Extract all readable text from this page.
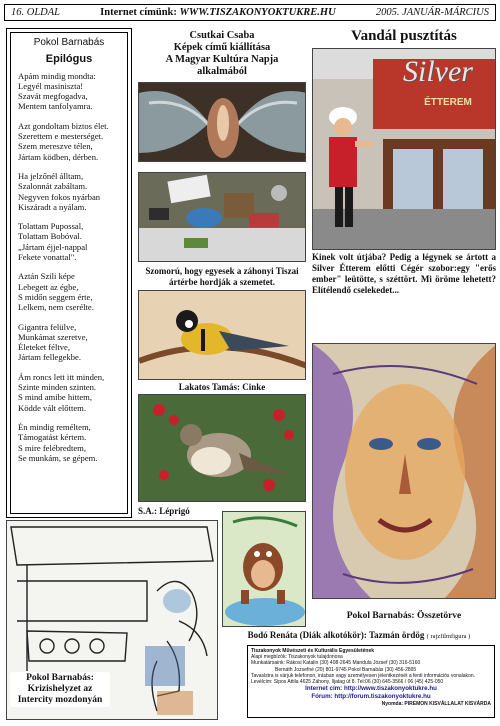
16. OLDAL	Internet címünk: WWW.TISZAKONYOKTUKRE.HU	2005. JANUÁR-MÁRCIUS
Pokol Barnabás
Epilógus
Apám mindig mondta:
Legyél masiniszta!
Szavát megfogadva,
Mentem tanfolyamra.
Azt gondoltam biztos élet.
Szerettem e mesterséget.
Szem mereszve télen,
Jártam ködben, dérben.
Ha jelzőnél álltam,
Szalonnát zabáltam.
Negyven fokos nyárban
Kiszáradt a nyálam.
Tolattam Pupossal,
Tolattam Bobóval.
„Jártam éjjel-nappal
Fekete vonattal".
Aztán Szili képe
Lebegett az égbe,
S midőn seggem érte,
Lelkem, nem cserélte.
Gigantra felülve,
Munkámat szeretve,
Életeket féltve,
Jártam fellegekbe.
Ám roncs lett itt minden,
Szinte minden szinten.
S mind amibe hittem,
Ködde vált előttem.
Én mindig reméltem,
Támogatást kértem.
S mire felébredtem,
Se munkám, se gépem.
Csutkai Csaba
Képek című kiállítása
A Magyar Kultúra Napja
alkalmából
Szomorú, hogy egyesek a záhonyi Tiszai ártérbe hordják a szemetet.
Lakatos Tamás: Cinke
S.A.: Léprigó
Vandál pusztítás
Silver
ÉTTEREM
Kinek volt útjába? Pedig a légynek se ártott a Silver Étterem előtti Cégér szobor:egy "erős ember" leütötte, s széttört. Mi öröme lehetett? Elítélendő cselekedet...
Pokol Barnabás: Összetörve
Bodó Renáta (Diák alkotókör): Tazmán ördög ( rajzfilmfigura )
Pokol Barnabás: Krizishelyzet az Intercity mozdonyán
Tiszakonyok Művészeti és Kulturális Egyesületének
Alapí megbízók: Tiszakonyok tulajdonosa
Munkatársaink: Rákosi Katalin (30) 408-2645 Mandula József (30) 316-5160
Bernáth Jozsefné (20) 801-9745 Pokol Barnabás (30) 456-2895
Tavaslstra is várjuk telefonon, irásban vagy személyesen jelentkezését a fenti információs vonalakon.
Levélcím: Sipos Attila 4625 Záhony, Iljatag út 8. Tel:06 (30) 645-3566 / 06 (45) 425-050
Internet cím: http://www.tiszakonyoktukre.hu
Fórum: http://forum.tiszakonyoktukre.hu
Nyomda: PIREMON KISVÁLLALAT KISVÁRDA
